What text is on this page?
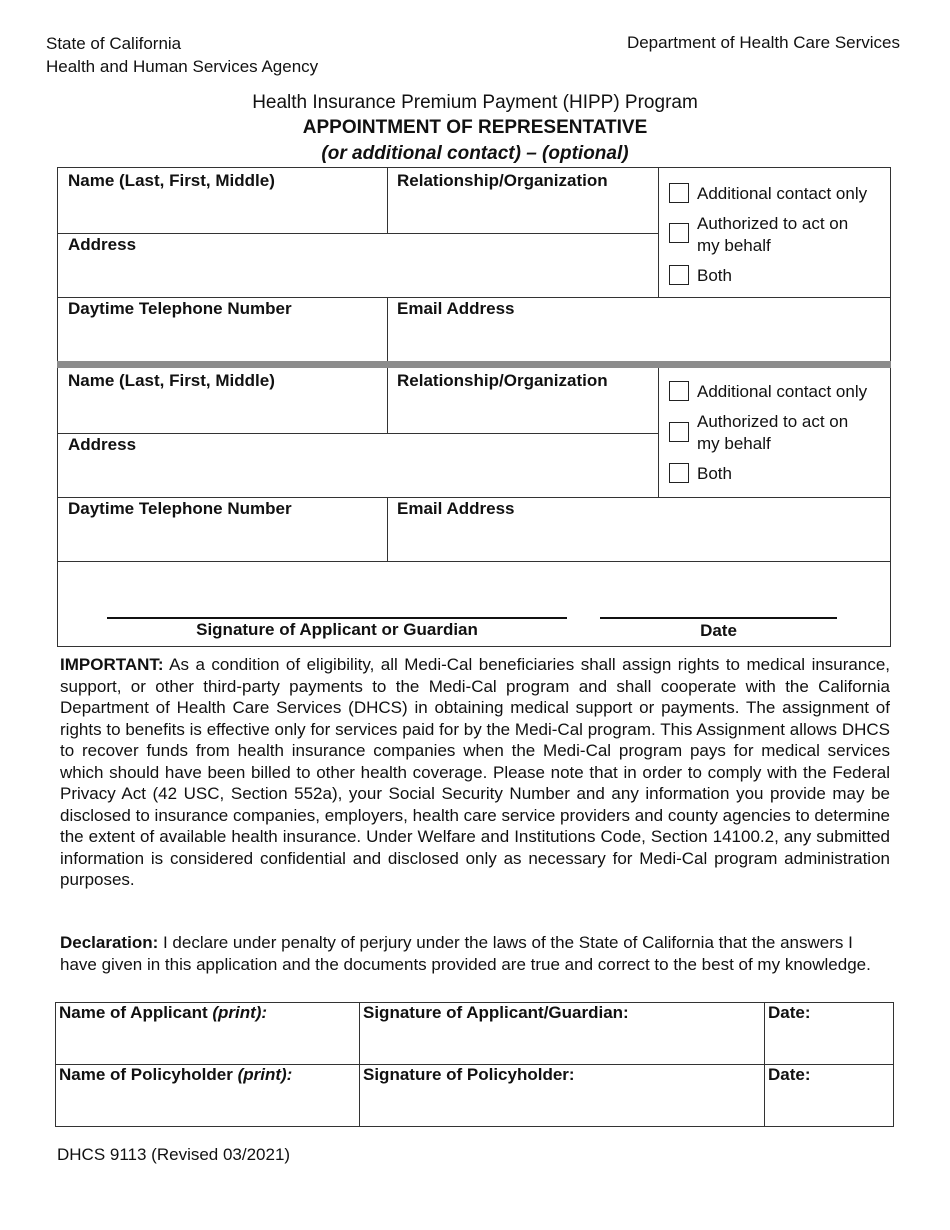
State of California
Health and Human Services Agency
Department of Health Care Services
Health Insurance Premium Payment (HIPP) Program
APPOINTMENT OF REPRESENTATIVE
(or additional contact) – (optional)
Name (Last, First, Middle)	Relationship/Organization
Address
Daytime Telephone Number	Email Address
Additional contact only
Authorized to act on
my behalf
Both
Name (Last, First, Middle)	Relationship/Organization
Address
Daytime Telephone Number	Email Address
Additional contact only
Authorized to act on
my behalf
Both
Signature of Applicant or Guardian	Date
IMPORTANT: As a condition of eligibility, all Medi-Cal beneficiaries shall assign rights to medical insurance, support, or other third-party payments to the Medi-Cal program and shall cooperate with the California Department of Health Care Services (DHCS) in obtaining medical support or payments. The assignment of rights to benefits is effective only for services paid for by the Medi-Cal program. This Assignment allows DHCS to recover funds from health insurance companies when the Medi-Cal program pays for medical services which should have been billed to other health coverage. Please note that in order to comply with the Federal Privacy Act (42 USC, Section 552a), your Social Security Number and any information you provide may be disclosed to insurance companies, employers, health care service providers and county agencies to determine the extent of available health insurance. Under Welfare and Institutions Code, Section 14100.2, any submitted information is considered confidential and disclosed only as necessary for Medi-Cal program administration purposes.
Declaration: I declare under penalty of perjury under the laws of the State of California that the answers I have given in this application and the documents provided are true and correct to the best of my knowledge.
Name of Applicant (print):	Signature of Applicant/Guardian:	Date:
Name of Policyholder (print):	Signature of Policyholder:	Date:
DHCS 9113 (Revised 03/2021)
